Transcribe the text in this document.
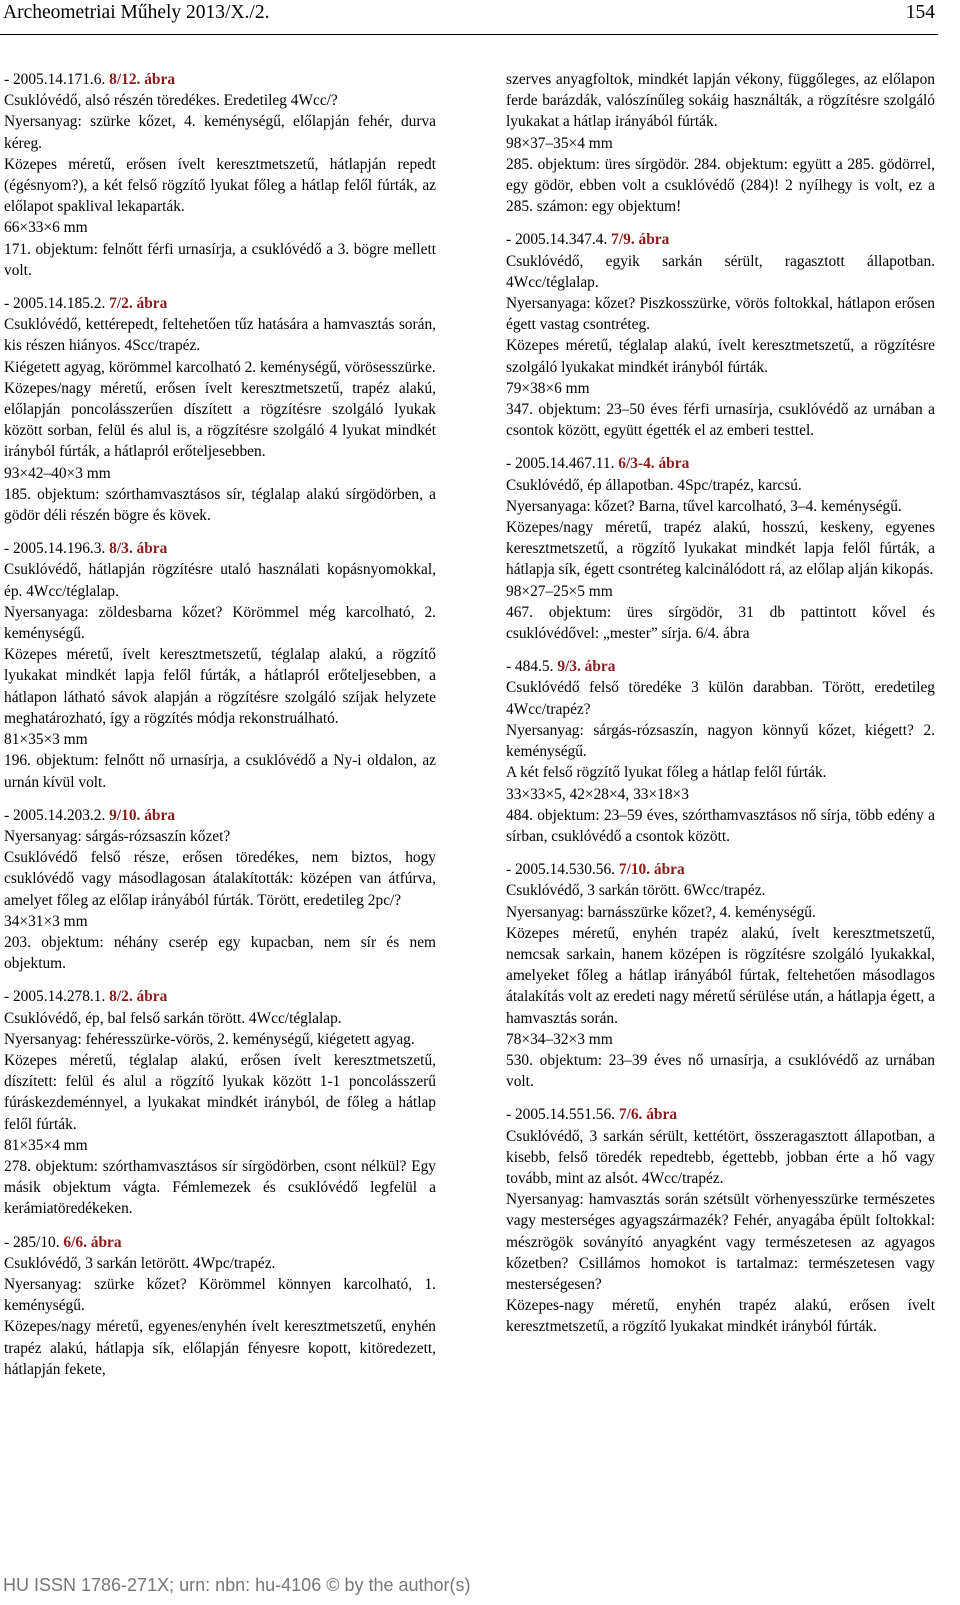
Archeometriai Műhely 2013/X./2.	154

- 2005.14.171.6. 8/12. ábra

Csuklóvédő, alsó részén töredékes. Eredetileg 4Wcc/?

Nyersanyag: szürke kőzet, 4. keménységű, előlapján fehér, durva kéreg.

Közepes méretű, erősen ívelt keresztmetszetű, hátlapján repedt (égésnyom?), a két felső rögzítő lyukat főleg a hátlap felől fúrták, az előlapot spaklival lekaparták.

66×33×6 mm

171. objektum: felnőtt férfi urnasírja, a csuklóvédő a 3. bögre mellett volt.

- 2005.14.185.2. 7/2. ábra

Csuklóvédő, kettérepedt, feltehetően tűz hatására a hamvasztás során, kis részen hiányos. 4Scc/trapéz.

Kiégetett agyag, körömmel karcolható 2. keménységű, vörösesszürke.

Közepes/nagy méretű, erősen ívelt keresztmetszetű, trapéz alakú, előlapján poncolásszerűen díszített a rögzítésre szolgáló lyukak között sorban, felül és alul is, a rögzítésre szolgáló 4 lyukat mindkét irányból fúrták, a hátlapról erőteljesebben.

93×42–40×3 mm

185. objektum: szórthamvasztásos sír, téglalap alakú sírgödörben, a gödör déli részén bögre és kövek.

- 2005.14.196.3. 8/3. ábra

Csuklóvédő, hátlapján rögzítésre utaló használati kopásnyomokkal, ép. 4Wcc/téglalap.

Nyersanyaga: zöldesbarna kőzet? Körömmel még karcolható, 2. keménységű.

Közepes méretű, ívelt keresztmetszetű, téglalap alakú, a rögzítő lyukakat mindkét lapja felől fúrták, a hátlapról erőteljesebben, a hátlapon látható sávok alapján a rögzítésre szolgáló szíjak helyzete meghatározható, így a rögzítés módja rekonstruálható.

81×35×3 mm

196. objektum: felnőtt nő urnasírja, a csuklóvédő a Ny-i oldalon, az urnán kívül volt.

- 2005.14.203.2. 9/10. ábra

Nyersanyag: sárgás-rózsaszín kőzet?

Csuklóvédő felső része, erősen töredékes, nem biztos, hogy csuklóvédő vagy másodlagosan átalakították: középen van átfúrva, amelyet főleg az előlap irányából fúrták. Törött, eredetileg 2pc/?

34×31×3 mm

203. objektum: néhány cserép egy kupacban, nem sír és nem objektum.

- 2005.14.278.1. 8/2. ábra

Csuklóvédő, ép, bal felső sarkán törött. 4Wcc/téglalap.

Nyersanyag: fehéresszürke-vörös, 2. keménységű, kiégetett agyag.

Közepes méretű, téglalap alakú, erősen ívelt keresztmetszetű, díszített: felül és alul a rögzítő lyukak között 1-1 poncolásszerű fúráskezdeménnyel, a lyukakat mindkét irányból, de főleg a hátlap felől fúrták.

81×35×4 mm

278. objektum: szórthamvasztásos sír sírgödörben, csont nélkül? Egy másik objektum vágta. Fémlemezek és csuklóvédő legfelül a kerámiatöredékeken.

- 285/10. 6/6. ábra

Csuklóvédő, 3 sarkán letörött. 4Wpc/trapéz.

Nyersanyag: szürke kőzet? Körömmel könnyen karcolható, 1. keménységű.

Közepes/nagy méretű, egyenes/enyhén ívelt keresztmetszetű, enyhén trapéz alakú, hátlapja sík, előlapján fényesre kopott, kitöredezett, hátlapján fekete,

szerves anyagfoltok, mindkét lapján vékony, függőleges, az előlapon ferde barázdák, valószínűleg sokáig használták, a rögzítésre szolgáló lyukakat a hátlap irányából fúrták.

98×37–35×4 mm

285. objektum: üres sírgödör. 284. objektum: együtt a 285. gödörrel, egy gödör, ebben volt a csuklóvédő (284)! 2 nyílhegy is volt, ez a 285. számon: egy objektum!

- 2005.14.347.4. 7/9. ábra

Csuklóvédő, egyik sarkán sérült, ragasztott állapotban. 4Wcc/téglalap.

Nyersanyaga: kőzet? Piszkosszürke, vörös foltokkal, hátlapon erősen égett vastag csontréteg.

Közepes méretű, téglalap alakú, ívelt keresztmetszetű, a rögzítésre szolgáló lyukakat mindkét irányból fúrták.

79×38×6 mm

347. objektum: 23–50 éves férfi urnasírja, csuklóvédő az urnában a csontok között, együtt égették el az emberi testtel.

- 2005.14.467.11. 6/3-4. ábra

Csuklóvédő, ép állapotban. 4Spc/trapéz, karcsú.

Nyersanyaga: kőzet? Barna, tűvel karcolható, 3–4. keménységű.

Közepes/nagy méretű, trapéz alakú, hosszú, keskeny, egyenes keresztmetszetű, a rögzítő lyukakat mindkét lapja felől fúrták, a hátlapja sík, égett csontréteg kalcinálódott rá, az előlap alján kikopás.

98×27–25×5 mm

467. objektum: üres sírgödör, 31 db pattintott kővel és csuklóvédővel: „mester” sírja. 6/4. ábra

- 484.5. 9/3. ábra

Csuklóvédő felső töredéke 3 külön darabban. Törött, eredetileg 4Wcc/trapéz?

Nyersanyag: sárgás-rózsaszín, nagyon könnyű kőzet, kiégett? 2. keménységű.

A két felső rögzítő lyukat főleg a hátlap felől fúrták.

33×33×5, 42×28×4, 33×18×3

484. objektum: 23–59 éves, szórthamvasztásos nő sírja, több edény a sírban, csuklóvédő a csontok között.

- 2005.14.530.56. 7/10. ábra

Csuklóvédő, 3 sarkán törött. 6Wcc/trapéz.

Nyersanyag: barnásszürke kőzet?, 4. keménységű.

Közepes méretű, enyhén trapéz alakú, ívelt keresztmetszetű, nemcsak sarkain, hanem középen is rögzítésre szolgáló lyukakkal, amelyeket főleg a hátlap irányából fúrtak, feltehetően másodlagos átalakítás volt az eredeti nagy méretű sérülése után, a hátlapja égett, a hamvasztás során.

78×34–32×3 mm

530. objektum: 23–39 éves nő urnasírja, a csuklóvédő az urnában volt.

- 2005.14.551.56. 7/6. ábra

Csuklóvédő, 3 sarkán sérült, kettétört, összeragasztott állapotban, a kisebb, felső töredék repedtebb, égettebb, jobban érte a hő vagy tovább, mint az alsót. 4Wcc/trapéz.

Nyersanyag: hamvasztás során szétsült vörhenyesszürke természetes vagy mesterséges agyagszármazék? Fehér, anyagába épült foltokkal: mészrögök soványító anyagként vagy természetesen az agyagos kőzetben? Csillámos homokot is tartalmaz: természetesen vagy mesterségesen?

Közepes-nagy méretű, enyhén trapéz alakú, erősen ívelt keresztmetszetű, a rögzítő lyukakat mindkét irányból fúrták.

HU ISSN 1786-271X; urn: nbn: hu-4106 © by the author(s)
